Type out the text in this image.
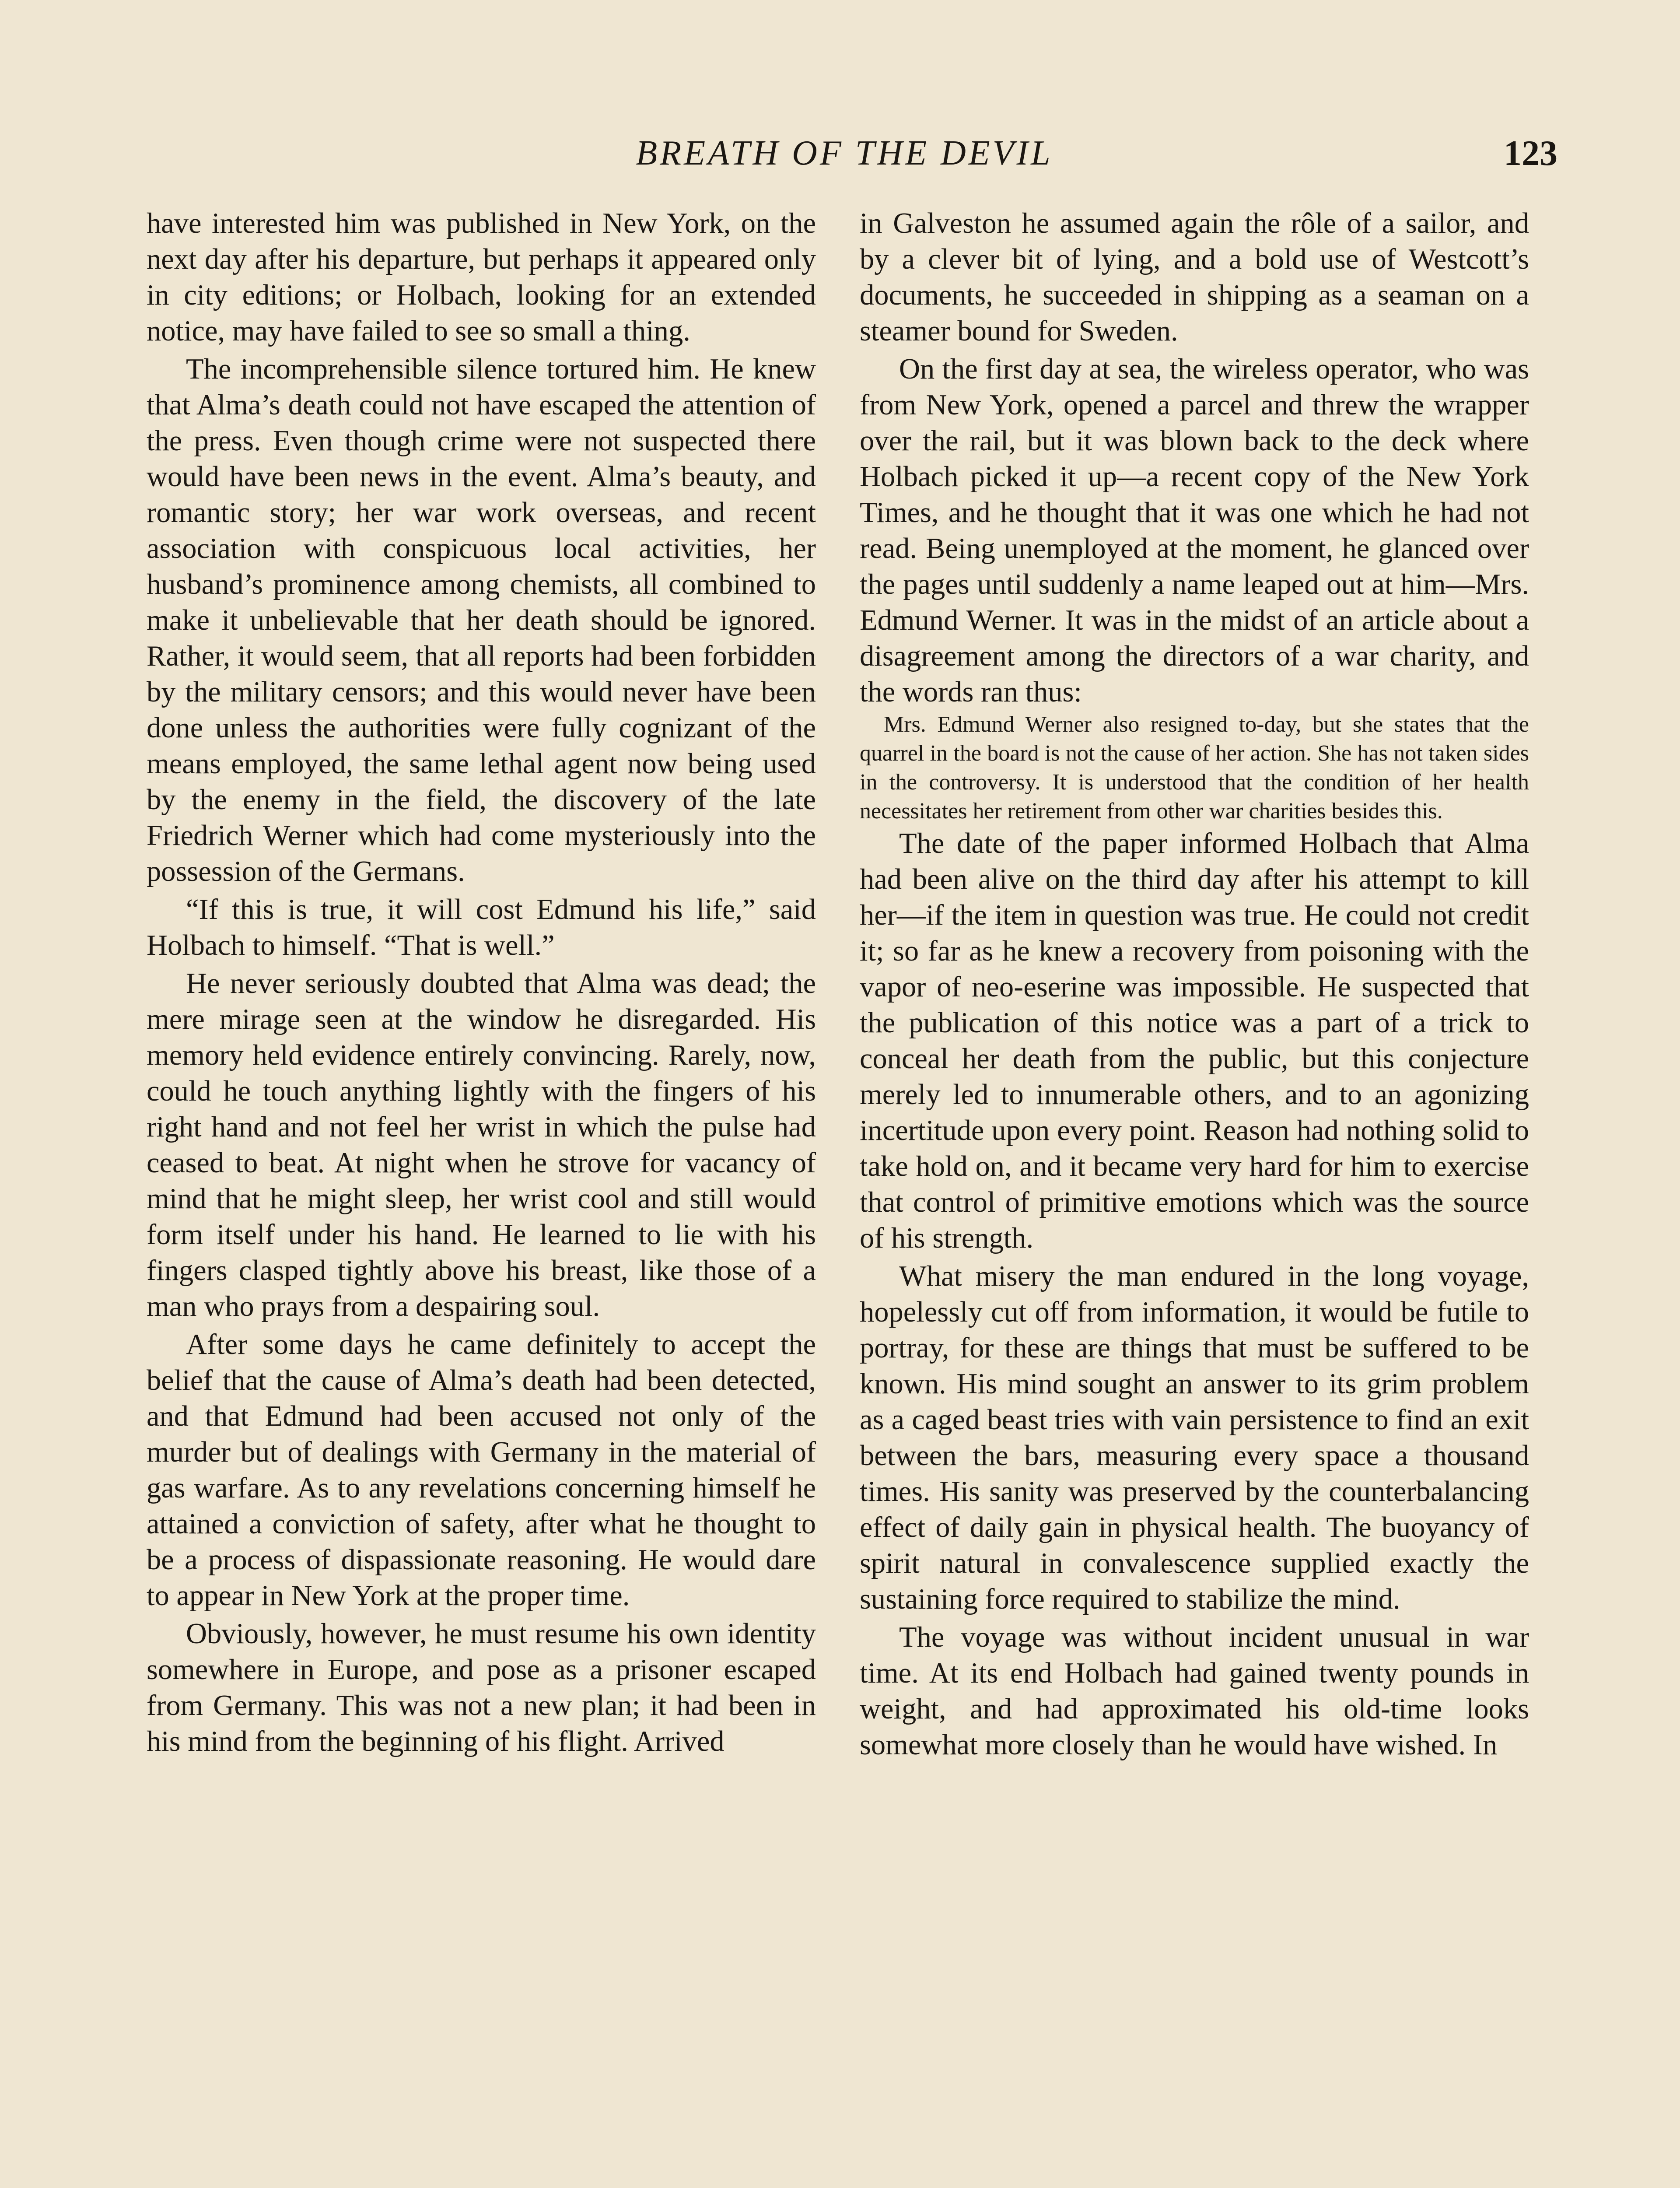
BREATH OF THE DEVIL	123

have interested him was published in New York, on the next day after his departure, but perhaps it appeared only in city editions; or Holbach, looking for an extended notice, may have failed to see so small a thing.

The incomprehensible silence tortured him. He knew that Alma’s death could not have escaped the attention of the press. Even though crime were not suspected there would have been news in the event. Alma’s beauty, and romantic story; her war work overseas, and recent association with conspicuous local activities, her husband’s prominence among chemists, all combined to make it unbelievable that her death should be ignored. Rather, it would seem, that all reports had been forbidden by the military censors; and this would never have been done unless the authorities were fully cognizant of the means employed, the same lethal agent now being used by the enemy in the field, the discovery of the late Friedrich Werner which had come mysteriously into the possession of the Germans.

“If this is true, it will cost Edmund his life,” said Holbach to himself. “That is well.”

He never seriously doubted that Alma was dead; the mere mirage seen at the window he disregarded. His memory held evidence entirely convincing. Rarely, now, could he touch anything lightly with the fingers of his right hand and not feel her wrist in which the pulse had ceased to beat. At night when he strove for vacancy of mind that he might sleep, her wrist cool and still would form itself under his hand. He learned to lie with his fingers clasped tightly above his breast, like those of a man who prays from a despairing soul.

After some days he came definitely to accept the belief that the cause of Alma’s death had been detected, and that Edmund had been accused not only of the murder but of dealings with Germany in the material of gas warfare. As to any revelations concerning himself he attained a conviction of safety, after what he thought to be a process of dispassionate reasoning. He would dare to appear in New York at the proper time.

Obviously, however, he must resume his own identity somewhere in Europe, and pose as a prisoner escaped from Germany. This was not a new plan; it had been in his mind from the beginning of his flight. Arrived

in Galveston he assumed again the rôle of a sailor, and by a clever bit of lying, and a bold use of Westcott’s documents, he succeeded in shipping as a seaman on a steamer bound for Sweden.

On the first day at sea, the wireless operator, who was from New York, opened a parcel and threw the wrapper over the rail, but it was blown back to the deck where Holbach picked it up—a recent copy of the New York Times, and he thought that it was one which he had not read. Being unemployed at the moment, he glanced over the pages until suddenly a name leaped out at him—Mrs. Edmund Werner. It was in the midst of an article about a disagreement among the directors of a war charity, and the words ran thus:

Mrs. Edmund Werner also resigned to-day, but she states that the quarrel in the board is not the cause of her action. She has not taken sides in the controversy. It is understood that the condition of her health necessitates her retirement from other war charities besides this.

The date of the paper informed Holbach that Alma had been alive on the third day after his attempt to kill her—if the item in question was true. He could not credit it; so far as he knew a recovery from poisoning with the vapor of neo-eserine was impossible. He suspected that the publication of this notice was a part of a trick to conceal her death from the public, but this conjecture merely led to innumerable others, and to an agonizing incertitude upon every point. Reason had nothing solid to take hold on, and it became very hard for him to exercise that control of primitive emotions which was the source of his strength.

What misery the man endured in the long voyage, hopelessly cut off from information, it would be futile to portray, for these are things that must be suffered to be known. His mind sought an answer to its grim problem as a caged beast tries with vain persistence to find an exit between the bars, measuring every space a thousand times. His sanity was preserved by the counterbalancing effect of daily gain in physical health. The buoyancy of spirit natural in convalescence supplied exactly the sustaining force required to stabilize the mind.

The voyage was without incident unusual in war time. At its end Holbach had gained twenty pounds in weight, and had approximated his old-time looks somewhat more closely than he would have wished. In
